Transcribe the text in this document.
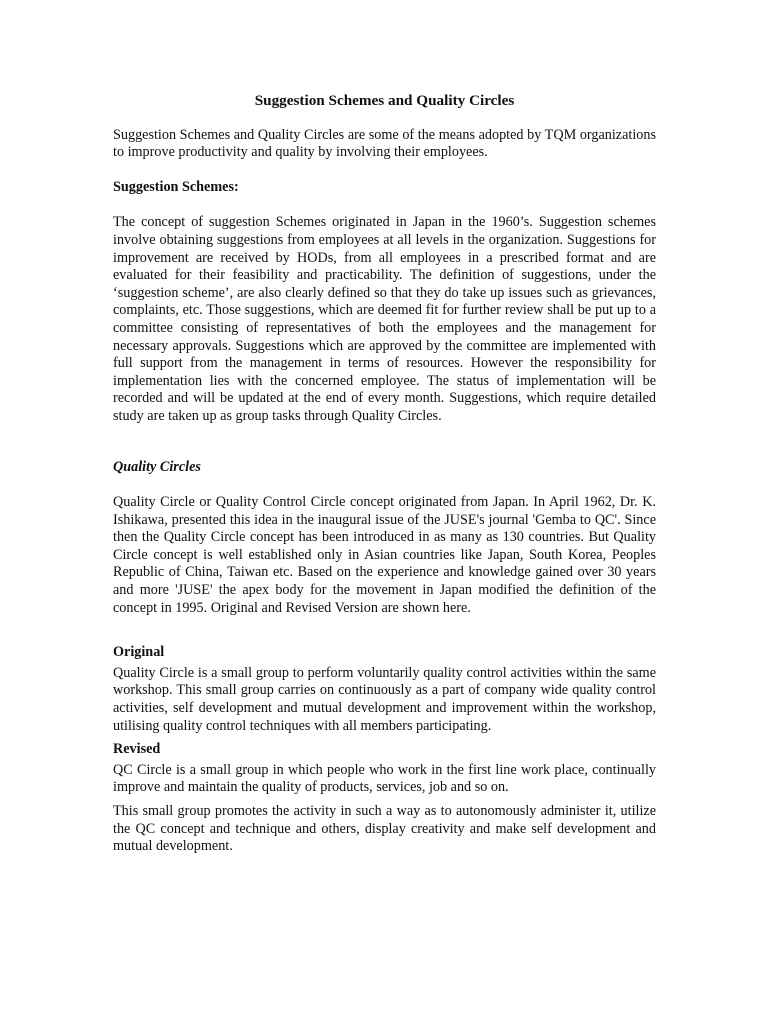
Suggestion Schemes and Quality Circles

Suggestion Schemes and Quality Circles are some of the means adopted by TQM organizations to improve productivity and quality by involving their employees.

Suggestion Schemes:

The concept of suggestion Schemes originated in Japan in the 1960’s. Suggestion schemes involve obtaining suggestions from employees at all levels in the organization. Suggestions for improvement are received by HODs, from all employees in a prescribed format and are evaluated for their feasibility and practicability. The definition of suggestions, under the ‘suggestion scheme’, are also clearly defined so that they do take up issues such as grievances, complaints, etc. Those suggestions, which are deemed fit for further review shall be put up to a committee consisting of representatives of both the employees and the management for necessary approvals. Suggestions which are approved by the committee are implemented with full support from the management in terms of resources. However the responsibility for implementation lies with the concerned employee. The status of implementation will be recorded and will be updated at the end of every month. Suggestions, which require detailed study are taken up as group tasks through Quality Circles.

Quality Circles

Quality Circle or Quality Control Circle concept originated from Japan. In April 1962, Dr. K. Ishikawa, presented this idea in the inaugural issue of the JUSE's journal 'Gemba to QC'. Since then the Quality Circle concept has been introduced in as many as 130 countries. But Quality Circle concept is well established only in Asian countries like Japan, South Korea, Peoples Republic of China, Taiwan etc. Based on the experience and knowledge gained over 30 years and more 'JUSE' the apex body for the movement in Japan modified the definition of the concept in 1995. Original and Revised Version are shown here.

Original

Quality Circle is a small group to perform voluntarily quality control activities within the same workshop. This small group carries on continuously as a part of company wide quality control activities, self development and mutual development and improvement within the workshop, utilising quality control techniques with all members participating.

Revised

QC Circle is a small group in which people who work in the first line work place, continually improve and maintain the quality of products, services, job and so on.

This small group promotes the activity in such a way as to autonomously administer it, utilize the QC concept and technique and others, display creativity and make self development and mutual development.
